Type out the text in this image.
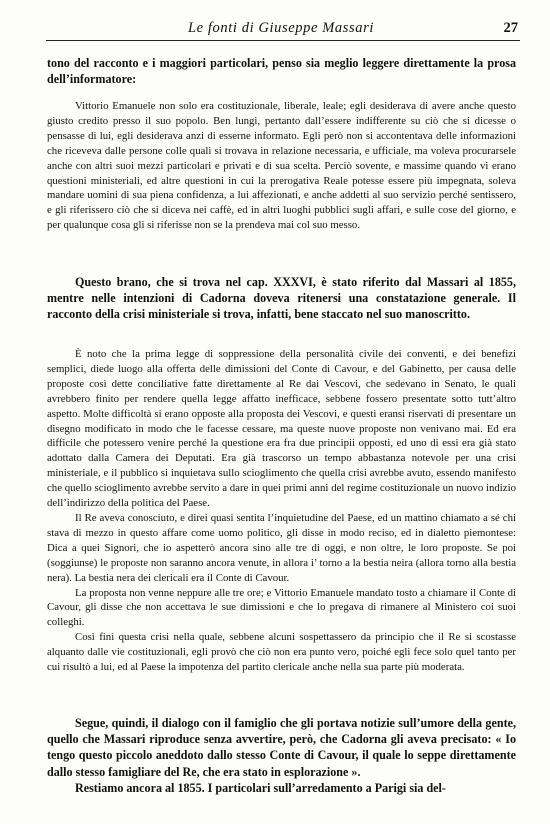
Le fonti di Giuseppe Massari	27

tono del racconto e i maggiori particolari, penso sia meglio leggere direttamente la prosa dell’informatore:

Vittorio Emanuele non solo era costituzionale, liberale, leale; egli desiderava di avere anche questo giusto credito presso il suo popolo. Ben lungi, pertanto dall’essere indifferente su ciò che si dicesse o pensasse di lui, egli desiderava anzi di esserne informato. Egli però non si accontentava delle informazioni che riceveva dalle persone colle quali si trovava in relazione necessaria, e ufficiale, ma voleva procurarsele anche con altri suoi mezzi particolari e privati e di sua scelta. Perciò sovente, e massime quando vi erano questioni ministeriali, ed altre questioni in cui la prerogativa Reale potesse essere più impegnata, soleva mandare uomini di sua piena confidenza, a lui affezionati, e anche addetti al suo servizio perché sentissero, e gli riferissero ciò che si diceva nei caffè, ed in altri luoghi pubblici sugli affari, e sulle cose del giorno, e per qualunque cosa gli si riferisse non se la prendeva mai col suo messo.

Questo brano, che si trova nel cap. XXXVI, è stato riferito dal Massari al 1855, mentre nelle intenzioni di Cadorna doveva ritenersi una constatazione generale. Il racconto della crisi ministeriale si trova, infatti, bene staccato nel suo manoscritto.

È noto che la prima legge di soppressione della personalità civile dei conventi, e dei benefizi semplici, diede luogo alla offerta delle dimissioni del Conte di Cavour, e del Gabinetto, per causa delle proposte così dette conciliative fatte direttamente al Re dai Vescovi, che sedevano in Senato, le quali avrebbero finito per rendere quella legge affatto inefficace, sebbene fossero presentate sotto tutt’altro aspetto. Molte difficoltà si erano opposte alla proposta dei Vescovi, e questi eransi riservati di presentare un disegno modificato in modo che le facesse cessare, ma queste nuove proposte non venivano mai. Ed era difficile che potessero venire perché la questione era fra due principii opposti, ed uno di essi era già stato adottato dalla Camera dei Deputati. Era già trascorso un tempo abbastanza notevole per una crisi ministeriale, e il pubblico si inquietava sullo scioglimento che quella crisi avrebbe avuto, essendo manifesto che quello scioglimento avrebbe servito a dare in quei primi anni del regime costituzionale un nuovo indizio dell’indirizzo della politica del Paese.

Il Re aveva conosciuto, e direi quasi sentita l’inquietudine del Paese, ed un mattino chiamato a sé chi stava di mezzo in questo affare come uomo politico, gli disse in modo reciso, ed in dialetto piemontese: Dica a quei Signori, che io aspetterò ancora sino alle tre di oggi, e non oltre, le loro proposte. Se poi (soggiunse) le proposte non saranno ancora venute, in allora i’ torno a la bestia neira (allora torno alla bestia nera). La bestia nera dei clericali era il Conte di Cavour.

La proposta non venne neppure alle tre ore; e Vittorio Emanuele mandato tosto a chiamare il Conte di Cavour, gli disse che non accettava le sue dimissioni e che lo pregava di rimanere al Ministero coi suoi colleghi.

Così finì questa crisi nella quale, sebbene alcuni sospettassero da principio che il Re si scostasse alquanto dalle vie costituzionali, egli provò che ciò non era punto vero, poiché egli fece solo quel tanto per cui risultò a lui, ed al Paese la impotenza del partito clericale anche nella sua parte più moderata.

Segue, quindi, il dialogo con il famiglio che gli portava notizie sull’umore della gente, quello che Massari riproduce senza avvertire, però, che Cadorna gli aveva precisato: « Io tengo questo piccolo aneddoto dallo stesso Conte di Cavour, il quale lo seppe direttamente dallo stesso famigliare del Re, che era stato in esplorazione ».

Restiamo ancora al 1855. I particolari sull’arredamento a Parigi sia del-
